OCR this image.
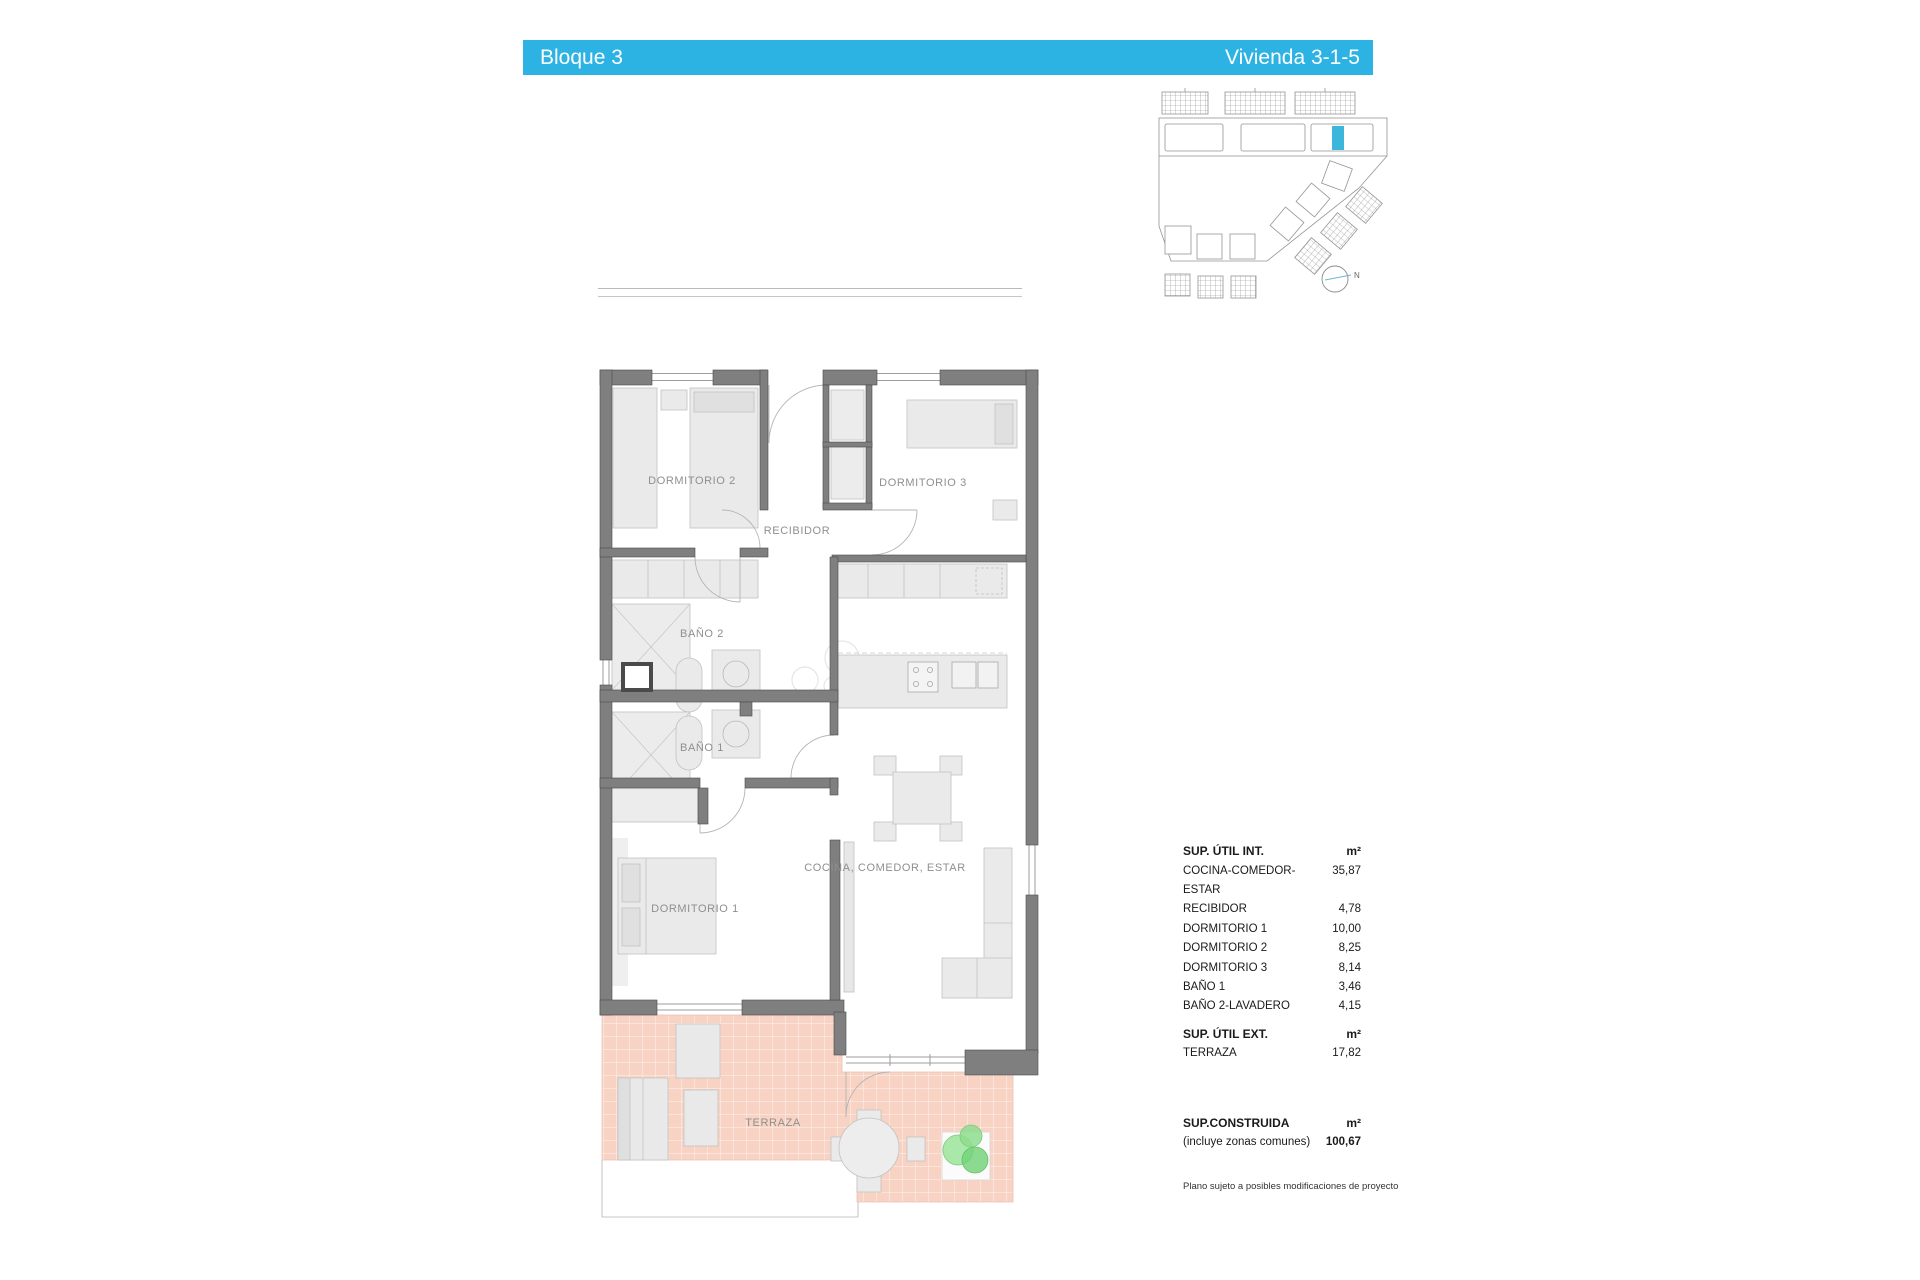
Bloque 3	Vivienda 3-1-5
N
DORMITORIO 2	DORMITORIO 3
RECIBIDOR
BAÑO 2
BAÑO 1
DORMITORIO 1
COCINA, COMEDOR, ESTAR
TERRAZA
SUP. ÚTIL INT.	m²
COCINA-COMEDOR-ESTAR
35,87
RECIBIDOR	4,78
DORMITORIO 1	10,00
DORMITORIO 2	8,25
DORMITORIO 3	8,14
BAÑO 1	3,46
BAÑO 2-LAVADERO	4,15
SUP. ÚTIL EXT.	m²
TERRAZA	17,82
SUP.CONSTRUIDA	m²
(incluye zonas comunes) 100,67
Plano sujeto a posibles modificaciones de proyecto
